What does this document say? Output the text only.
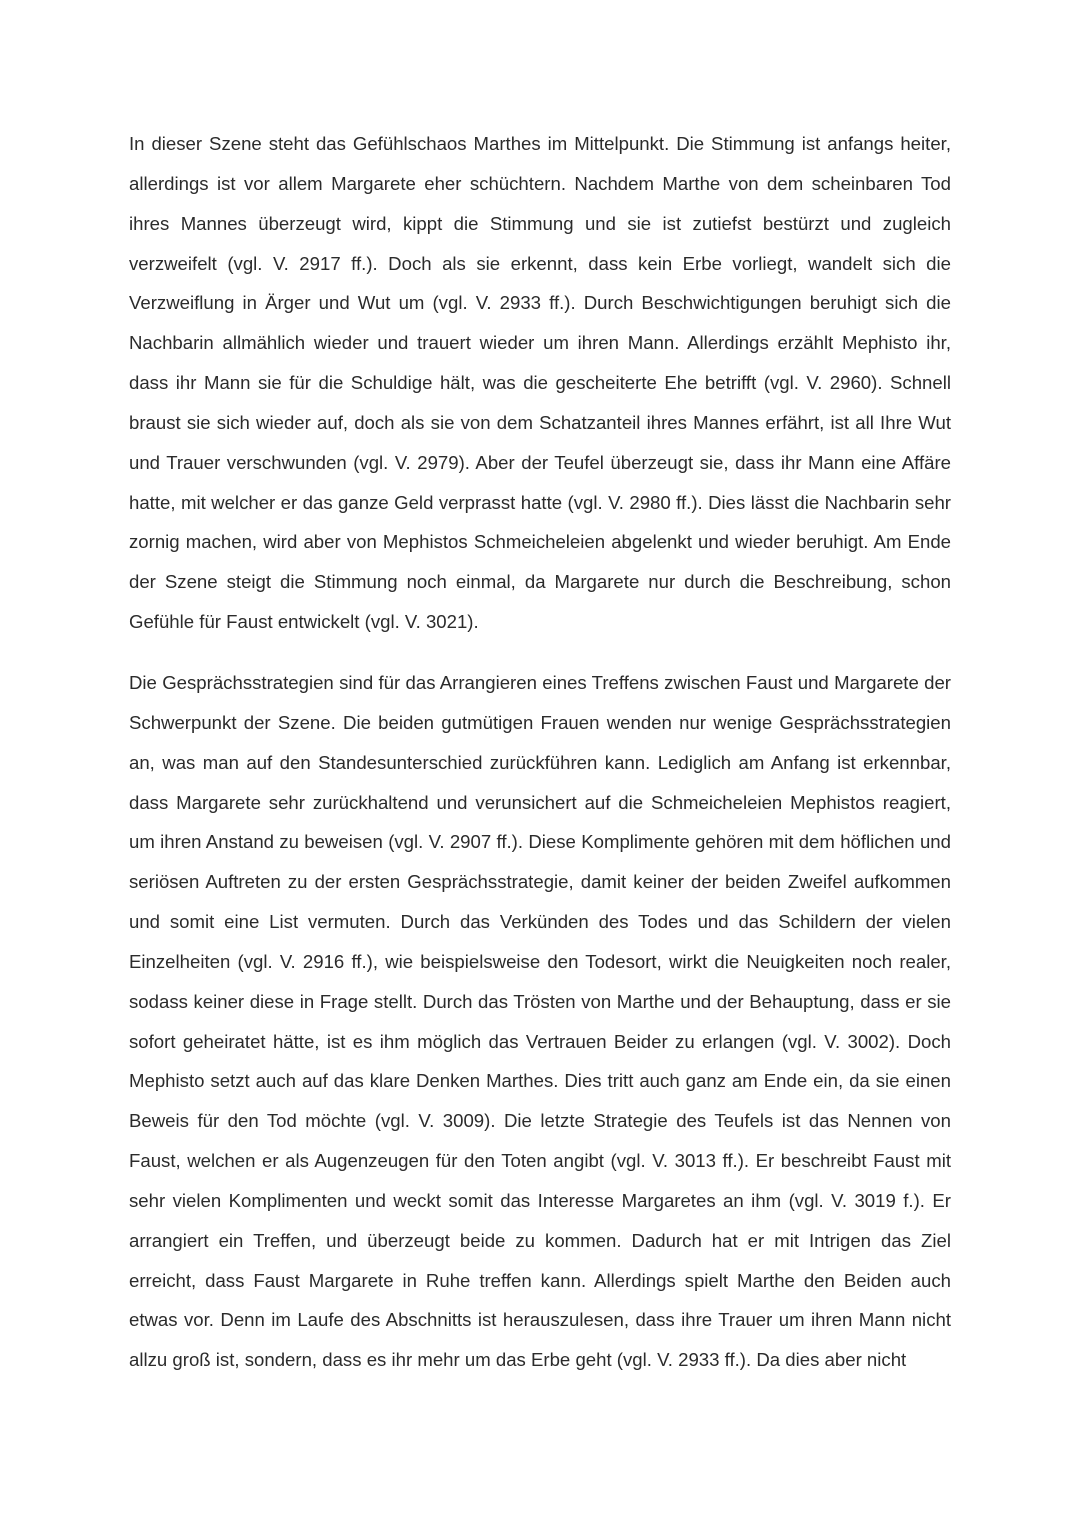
In dieser Szene steht das Gefühlschaos Marthes im Mittelpunkt. Die Stimmung ist anfangs heiter, allerdings ist vor allem Margarete eher schüchtern. Nachdem Marthe von dem scheinbaren Tod ihres Mannes überzeugt wird, kippt die Stimmung und sie ist zutiefst bestürzt und zugleich verzweifelt (vgl. V. 2917 ff.). Doch als sie erkennt, dass kein Erbe vorliegt, wandelt sich die Verzweiflung in Ärger und Wut um (vgl. V. 2933 ff.). Durch Beschwichtigungen beruhigt sich die Nachbarin allmählich wieder und trauert wieder um ihren Mann. Allerdings erzählt Mephisto ihr, dass ihr Mann sie für die Schuldige hält, was die gescheiterte Ehe betrifft (vgl. V. 2960). Schnell braust sie sich wieder auf, doch als sie von dem Schatzanteil ihres Mannes erfährt, ist all Ihre Wut und Trauer verschwunden (vgl. V. 2979). Aber der Teufel überzeugt sie, dass ihr Mann eine Affäre hatte, mit welcher er das ganze Geld verprasst hatte (vgl. V. 2980 ff.). Dies lässt die Nachbarin sehr zornig machen, wird aber von Mephistos Schmeicheleien abgelenkt und wieder beruhigt. Am Ende der Szene steigt die Stimmung noch einmal, da Margarete nur durch die Beschreibung, schon Gefühle für Faust entwickelt (vgl. V. 3021).

Die Gesprächsstrategien sind für das Arrangieren eines Treffens zwischen Faust und Margarete der Schwerpunkt der Szene. Die beiden gutmütigen Frauen wenden nur wenige Gesprächsstrategien an, was man auf den Standesunterschied zurückführen kann. Lediglich am Anfang ist erkennbar, dass Margarete sehr zurückhaltend und verunsichert auf die Schmeicheleien Mephistos reagiert, um ihren Anstand zu beweisen (vgl. V. 2907 ff.). Diese Komplimente gehören mit dem höflichen und seriösen Auftreten zu der ersten Gesprächsstrategie, damit keiner der beiden Zweifel aufkommen und somit eine List vermuten. Durch das Verkünden des Todes und das Schildern der vielen Einzelheiten (vgl. V. 2916 ff.), wie beispielsweise den Todesort, wirkt die Neuigkeiten noch realer, sodass keiner diese in Frage stellt. Durch das Trösten von Marthe und der Behauptung, dass er sie sofort geheiratet hätte, ist es ihm möglich das Vertrauen Beider zu erlangen (vgl. V. 3002). Doch Mephisto setzt auch auf das klare Denken Marthes. Dies tritt auch ganz am Ende ein, da sie einen Beweis für den Tod möchte (vgl. V. 3009). Die letzte Strategie des Teufels ist das Nennen von Faust, welchen er als Augenzeugen für den Toten angibt (vgl. V. 3013 ff.). Er beschreibt Faust mit sehr vielen Komplimenten und weckt somit das Interesse Margaretes an ihm (vgl. V. 3019 f.). Er arrangiert ein Treffen, und überzeugt beide zu kommen. Dadurch hat er mit Intrigen das Ziel erreicht, dass Faust Margarete in Ruhe treffen kann. Allerdings spielt Marthe den Beiden auch etwas vor. Denn im Laufe des Abschnitts ist herauszulesen, dass ihre Trauer um ihren Mann nicht allzu groß ist, sondern, dass es ihr mehr um das Erbe geht (vgl. V. 2933 ff.). Da dies aber nicht
